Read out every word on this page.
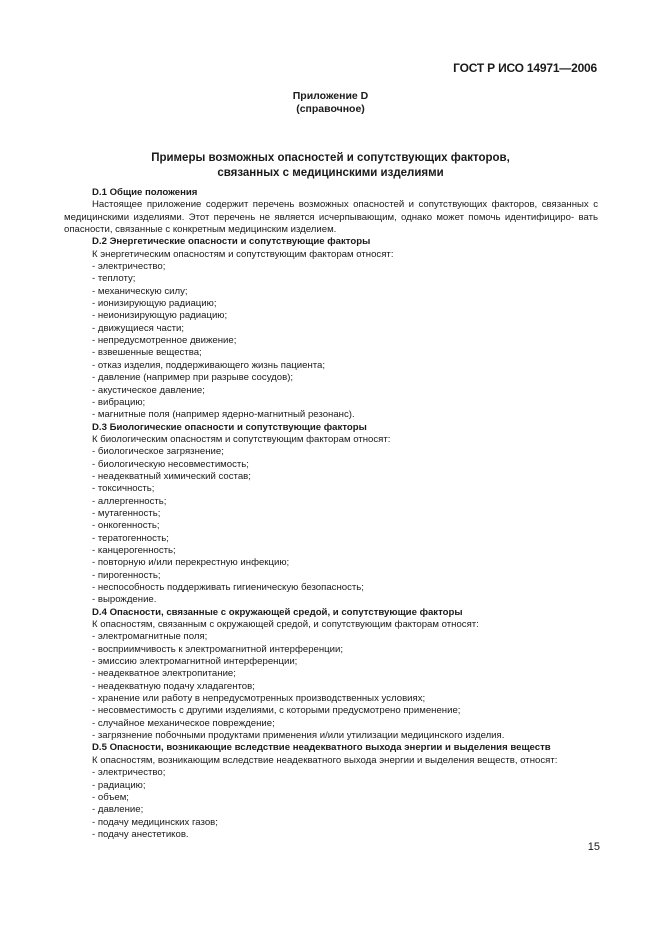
ГОСТ Р ИСО 14971—2006
Приложение D
(справочное)
Примеры возможных опасностей и сопутствующих факторов,
связанных с медицинскими изделиями

D.1 Общие положения

Настоящее приложение содержит перечень возможных опасностей и сопутствующих факторов, связанных с медицинскими изделиями. Этот перечень не является исчерпывающим, однако может помочь идентифициро- вать опасности, связанные с конкретным медицинским изделием.

D.2 Энергетические опасности и сопутствующие факторы

К энергетическим опасностям и сопутствующим факторам относят:

- электричество;

- теплоту;

- механическую силу;

- ионизирующую радиацию;

- неионизирующую радиацию;

- движущиеся части;

- непредусмотренное движение;

- взвешенные вещества;

- отказ изделия, поддерживающего жизнь пациента;

- давление (например при разрыве сосудов);

- акустическое давление;

- вибрацию;

- магнитные поля (например ядерно-магнитный резонанс).

D.3 Биологические опасности и сопутствующие факторы

К биологическим опасностям и сопутствующим факторам относят:

- биологическое загрязнение;

- биологическую несовместимость;

- неадекватный химический состав;

- токсичность;

- аллергенность;

- мутагенность;

- онкогенность;

- тератогенность;

- канцерогенность;

- повторную и/или перекрестную инфекцию;

- пирогенность;

- неспособность поддерживать гигиеническую безопасность;

- вырождение.

D.4 Опасности, связанные с окружающей средой, и сопутствующие факторы

К опасностям, связанным с окружающей средой, и сопутствующим факторам относят:

- электромагнитные поля;

- восприимчивость к электромагнитной интерференции;

- эмиссию электромагнитной интерференции;

- неадекватное электропитание;

- неадекватную подачу хладагентов;

- хранение или работу в непредусмотренных производственных условиях;

- несовместимость с другими изделиями, с которыми предусмотрено применение;

- случайное механическое повреждение;

- загрязнение побочными продуктами применения и/или утилизации медицинского изделия.

D.5 Опасности, возникающие вследствие неадекватного выхода энергии и выделения веществ

К опасностям, возникающим вследствие неадекватного выхода энергии и выделения веществ, относят:

- электричество;

- радиацию;

- объем;

- давление;

- подачу медицинских газов;

- подачу анестетиков.

15
